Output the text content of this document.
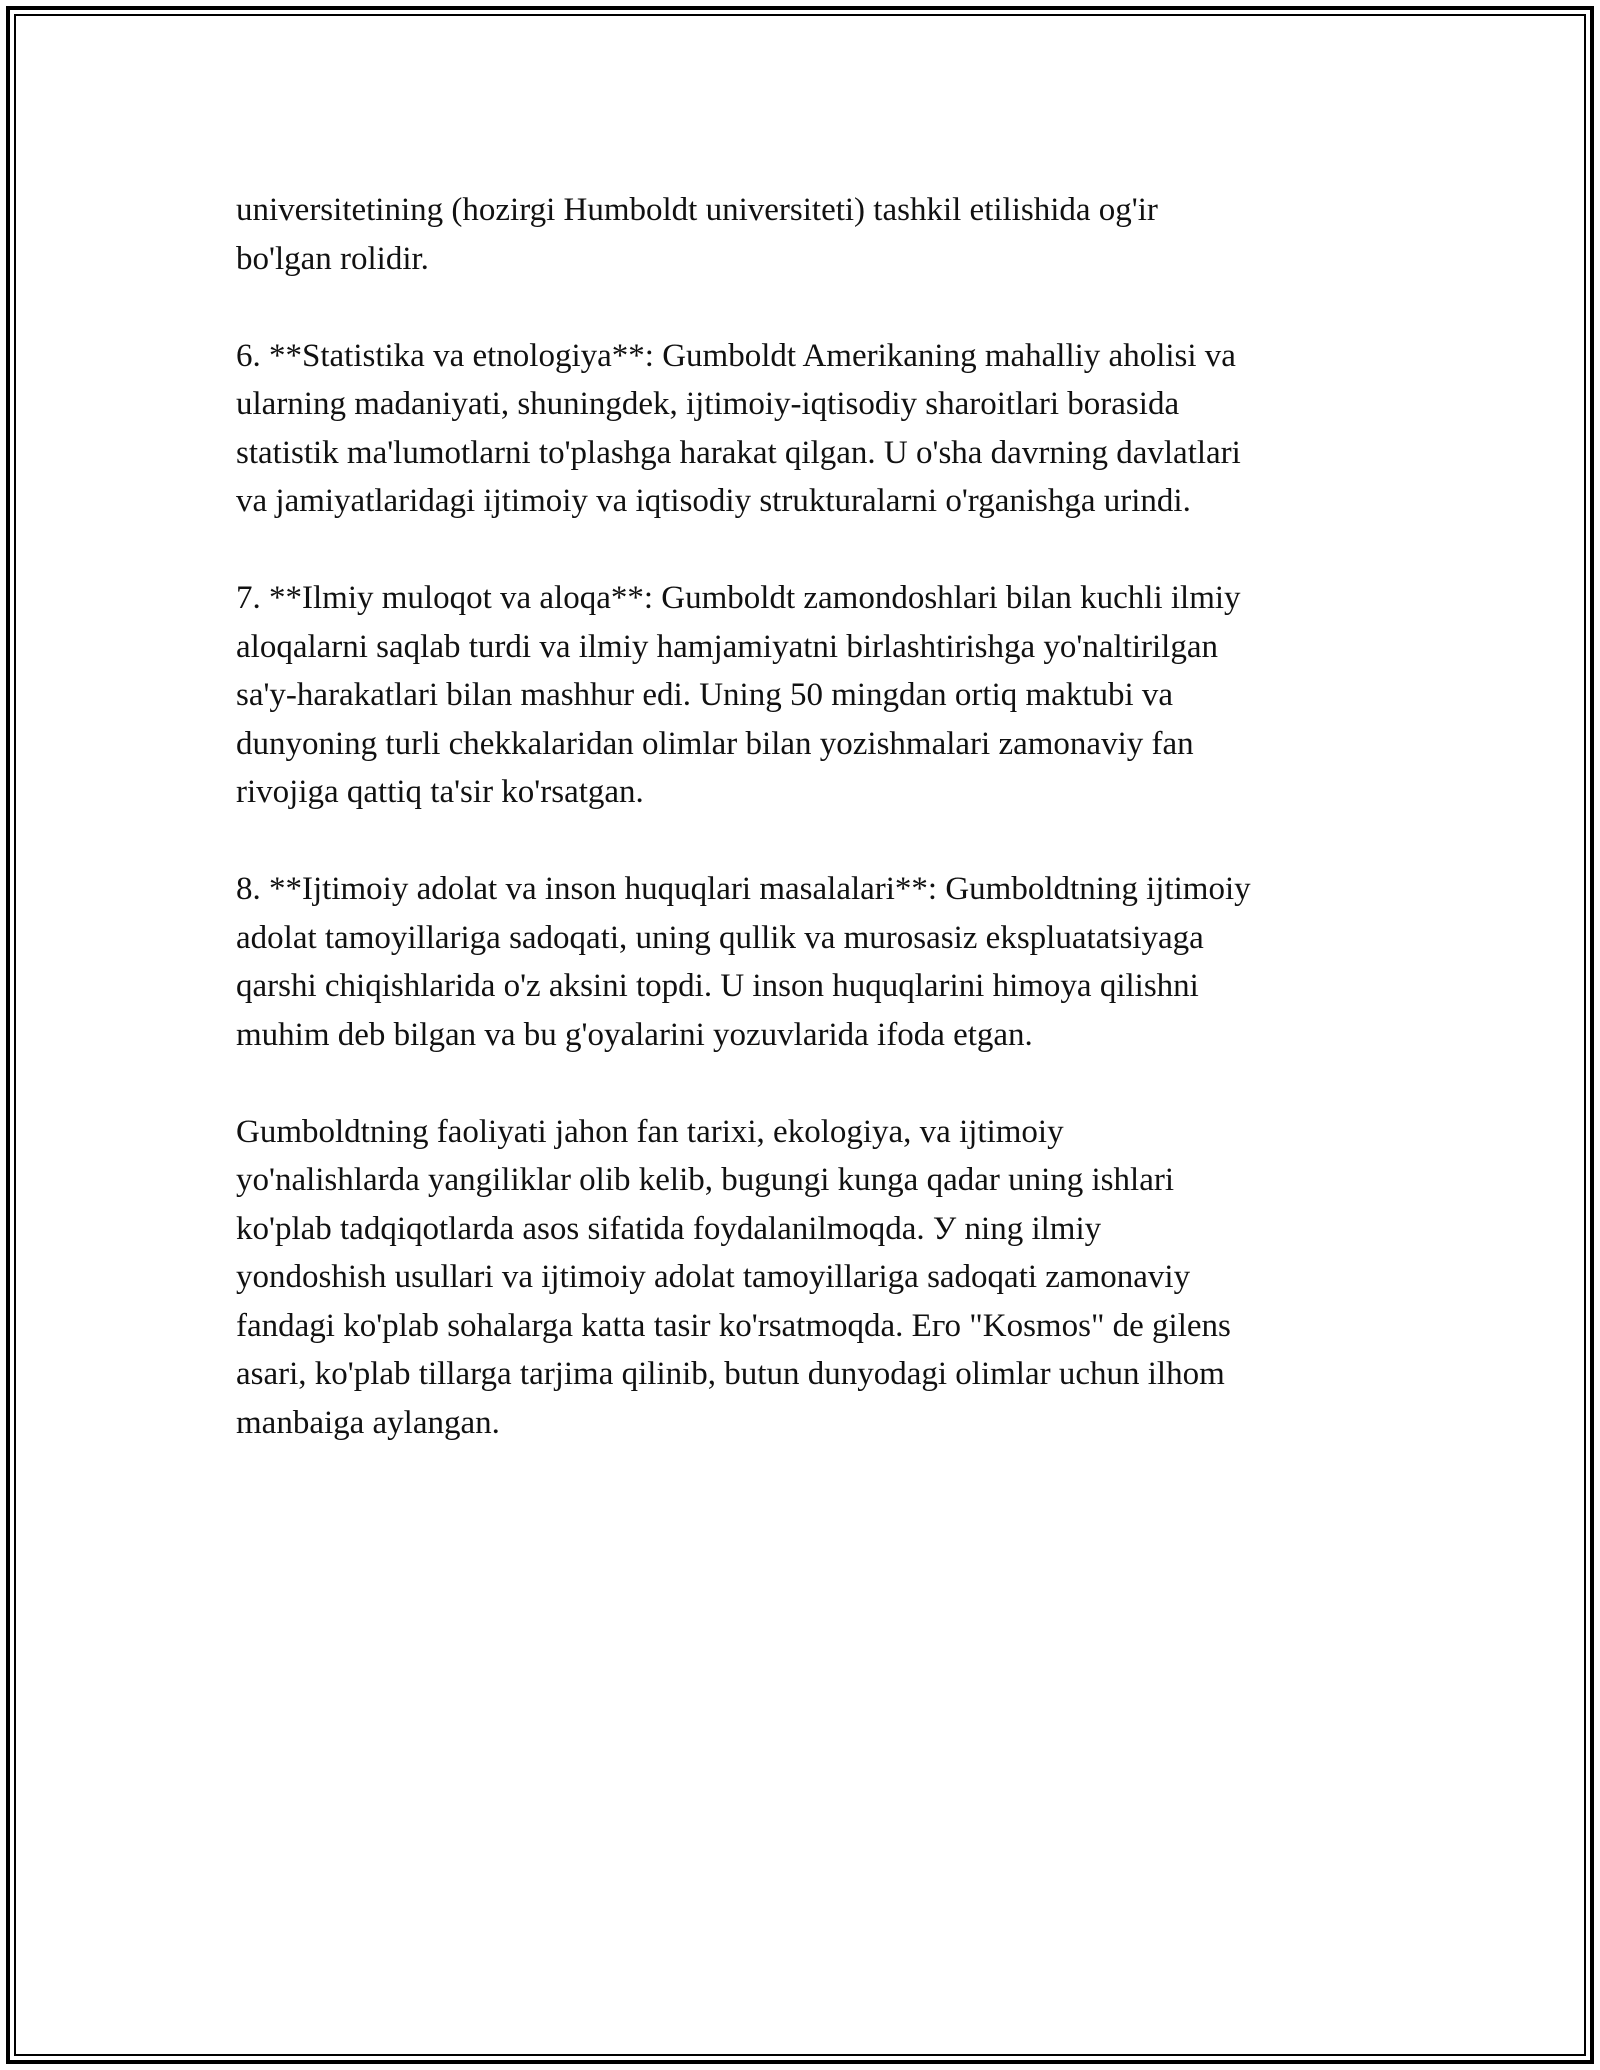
universitetining (hozirgi Humboldt universiteti) tashkil etilishida og'ir
bo'lgan rolidir.

6. **Statistika va etnologiya**: Gumboldt Amerikaning mahalliy aholisi va
ularning madaniyati, shuningdek, ijtimoiy-iqtisodiy sharoitlari borasida
statistik ma'lumotlarni to'plashga harakat qilgan. U o'sha davrning davlatlari
va jamiyatlaridagi ijtimoiy va iqtisodiy strukturalarni o'rganishga urindi.

7. **Ilmiy muloqot va aloqa**: Gumboldt zamondoshlari bilan kuchli ilmiy
aloqalarni saqlab turdi va ilmiy hamjamiyatni birlashtirishga yo'naltirilgan
sa'y-harakatlari bilan mashhur edi. Uning 50 mingdan ortiq maktubi va
dunyoning turli chekkalaridan olimlar bilan yozishmalari zamonaviy fan
rivojiga qattiq ta'sir ko'rsatgan.

8. **Ijtimoiy adolat va inson huquqlari masalalari**: Gumboldtning ijtimoiy
adolat tamoyillariga sadoqati, uning qullik va murosasiz ekspluatatsiyaga
qarshi chiqishlarida o'z aksini topdi. U inson huquqlarini himoya qilishni
muhim deb bilgan va bu g'oyalarini yozuvlarida ifoda etgan.

Gumboldtning faoliyati jahon fan tarixi, ekologiya, va ijtimoiy
yo'nalishlarda yangiliklar olib kelib, bugungi kunga qadar uning ishlari
ko'plab tadqiqotlarda asos sifatida foydalanilmoqda. У ning ilmiy
yondoshish usullari va ijtimoiy adolat tamoyillariga sadoqati zamonaviy
fandagi ko'plab sohalarga katta tasir ko'rsatmoqda. Его "Kosmos" de gilens
asari, ko'plab tillarga tarjima qilinib, butun dunyodagi olimlar uchun ilhom
manbaiga aylangan.
